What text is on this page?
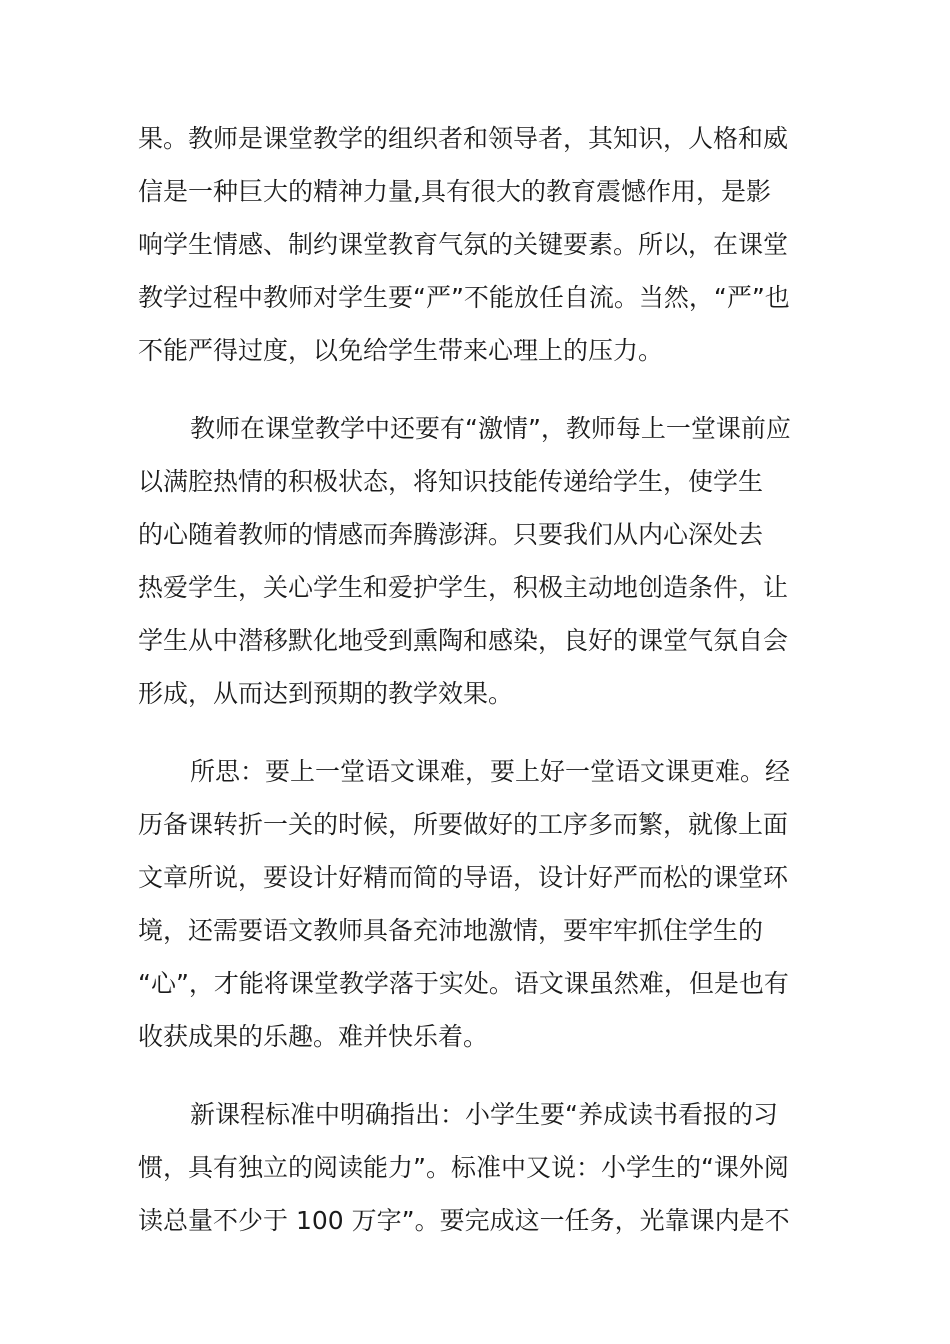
果。教师是课堂教学的组织者和领导者，其知识，人格和威
信是一种巨大的精神力量,具有很大的教育震憾作用，是影
响学生情感、制约课堂教育气氛的关键要素。所以，在课堂
教学过程中教师对学生要“严”不能放任自流。当然，“严”也
不能严得过度，以免给学生带来心理上的压力。
教师在课堂教学中还要有“激情”，教师每上一堂课前应
以满腔热情的积极状态，将知识技能传递给学生，使学生
的心随着教师的情感而奔腾澎湃。只要我们从内心深处去
热爱学生，关心学生和爱护学生，积极主动地创造条件，让
学生从中潜移默化地受到熏陶和感染，良好的课堂气氛自会
形成，从而达到预期的教学效果。
所思：要上一堂语文课难，要上好一堂语文课更难。经
历备课转折一关的时候，所要做好的工序多而繁，就像上面
文章所说，要设计好精而简的导语，设计好严而松的课堂环
境，还需要语文教师具备充沛地激情，要牢牢抓住学生的
“心”，才能将课堂教学落于实处。语文课虽然难，但是也有
收获成果的乐趣。难并快乐着。
新课程标准中明确指出：小学生要“养成读书看报的习
惯，具有独立的阅读能力”。标准中又说：小学生的“课外阅
读总量不少于 100 万字”。要完成这一任务，光靠课内是不
